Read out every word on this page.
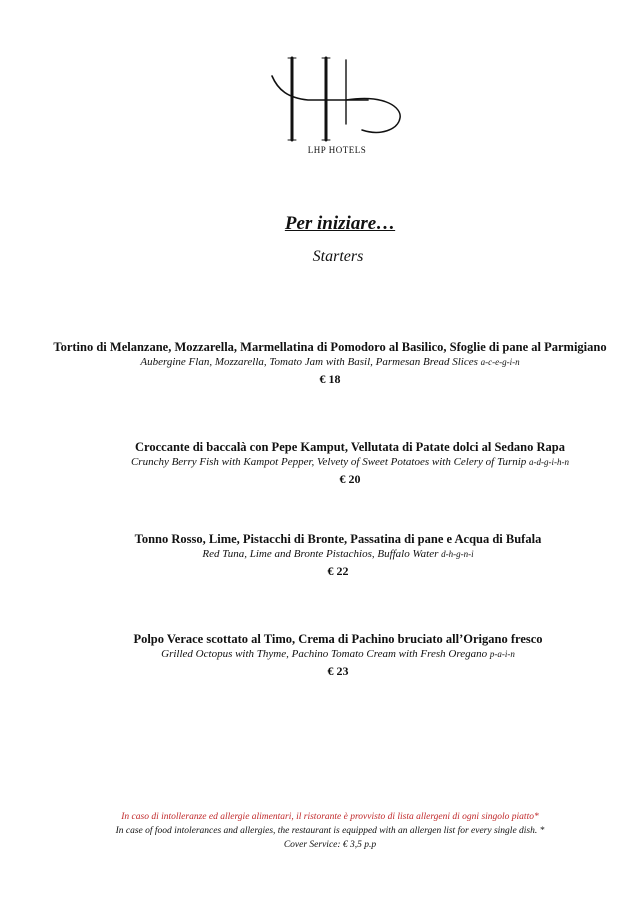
LHP HOTELS
Per iniziare…
Starters
Tortino di Melanzane, Mozzarella, Marmellatina di Pomodoro al Basilico, Sfoglie di pane al Parmigiano
Aubergine Flan, Mozzarella, Tomato Jam with Basil, Parmesan Bread Slices a-c-e-g-i-n
€ 18
Croccante di baccalà con Pepe Kamput, Vellutata di Patate dolci al Sedano Rapa
Crunchy Berry Fish with Kampot Pepper, Velvety of Sweet Potatoes with Celery of Turnip a-d-g-i-h-n
€ 20
Tonno Rosso, Lime, Pistacchi di Bronte, Passatina di pane e Acqua di Bufala
Red Tuna, Lime and Bronte Pistachios, Buffalo Water d-h-g-n-i
€ 22
Polpo Verace scottato al Timo, Crema di Pachino bruciato all’Origano fresco
Grilled Octopus with Thyme, Pachino Tomato Cream with Fresh Oregano p-a-i-n
€ 23
In caso di intolleranze ed allergie alimentari, il ristorante è provvisto di lista allergeni di ogni singolo piatto*
In case of food intolerances and allergies, the restaurant is equipped with an allergen list for every single dish. *
Cover Service: € 3,5 p.p
